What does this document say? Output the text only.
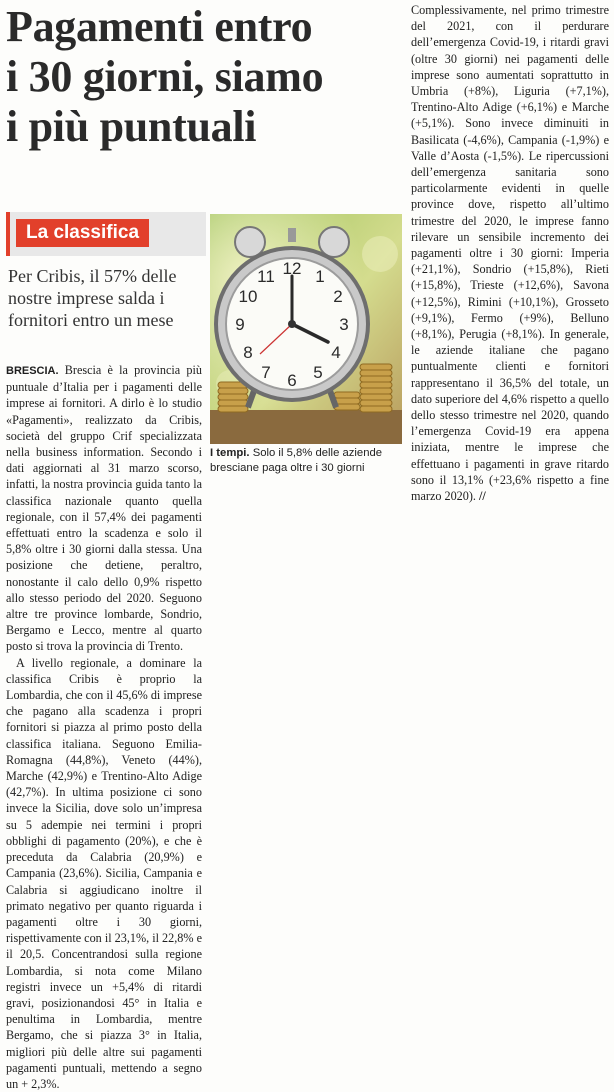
Pagamenti entro
i 30 giorni, siamo
i più puntuali
La classifica
Per Cribis, il 57% delle nostre imprese salda i fornitori entro un mese
12 1
2
3
4
5
6
7
8
9
10
11
I tempi. Solo il 5,8% delle aziende bresciane paga oltre i 30 giorni

BRESCIA. Brescia è la provincia più puntuale d’Italia per i pagamenti delle imprese ai fornitori. A dirlo è lo studio «Pagamenti», realizzato da Cribis, società del gruppo Crif specializzata nella business information. Secondo i dati aggiornati al 31 marzo scorso, infatti, la nostra provincia guida tanto la classifica nazionale quanto quella regionale, con il 57,4% dei pagamenti effettuati entro la scadenza e solo il 5,8% oltre i 30 giorni dalla stessa. Una posizione che detiene, peraltro, nonostante il calo dello 0,9% rispetto allo stesso periodo del 2020. Seguono altre tre province lombarde, Sondrio, Bergamo e Lecco, mentre al quarto posto si trova la provincia di Trento.

A livello regionale, a dominare la classifica Cribis è proprio la Lombardia, che con il 45,6% di imprese che pagano alla scadenza i propri fornitori si piazza al primo posto della classifica italiana. Seguono Emilia-Romagna (44,8%), Veneto (44%), Marche (42,9%) e Trentino-Alto Adige (42,7%). In ultima posizione ci sono invece la Sicilia, dove solo un’impresa su 5 adempie nei termini i propri obblighi di pagamento (20%), e che è preceduta da Calabria (20,9%) e Campania (23,6%). Sicilia, Campania e Calabria si aggiudicano inoltre il primato negativo per quanto riguarda i pagamenti oltre i 30 giorni, rispettivamente con il 23,1%, il 22,8% e il 20,5. Concentrandosi sulla regione Lombardia, si nota come Milano registri invece un +5,4% di ritardi gravi, posizionandosi 45° in Italia e penultima in Lombardia, mentre Bergamo, che si piazza 3° in Italia, migliori più delle altre sui pagamenti pagamenti puntuali, mettendo a segno un + 2,3%.

Complessivamente, nel primo trimestre del 2021, con il perdurare dell’emergenza Covid-19, i ritardi gravi (oltre 30 giorni) nei pagamenti delle imprese sono aumentati soprattutto in Umbria (+8%), Liguria (+7,1%), Trentino-Alto Adige (+6,1%) e Marche (+5,1%). Sono invece diminuiti in Basilicata (-4,6%), Campania (-1,9%) e Valle d’Aosta (-1,5%). Le ripercussioni dell’emergenza sanitaria sono particolarmente evidenti in quelle province dove, rispetto all’ultimo trimestre del 2020, le imprese fanno rilevare un sensibile incremento dei pagamenti oltre i 30 giorni: Imperia (+21,1%), Sondrio (+15,8%), Rieti (+15,8%), Trieste (+12,6%), Savona (+12,5%), Rimini (+10,1%), Grosseto (+9,1%), Fermo (+9%), Belluno (+8,1%), Perugia (+8,1%). In generale, le aziende italiane che pagano puntualmente clienti e fornitori rappresentano il 36,5% del totale, un dato superiore del 4,6% rispetto a quello dello stesso trimestre nel 2020, quando l’emergenza Covid-19 era appena iniziata, mentre le imprese che effettuano i pagamenti in grave ritardo sono il 13,1% (+23,6% rispetto a fine marzo 2020). //
